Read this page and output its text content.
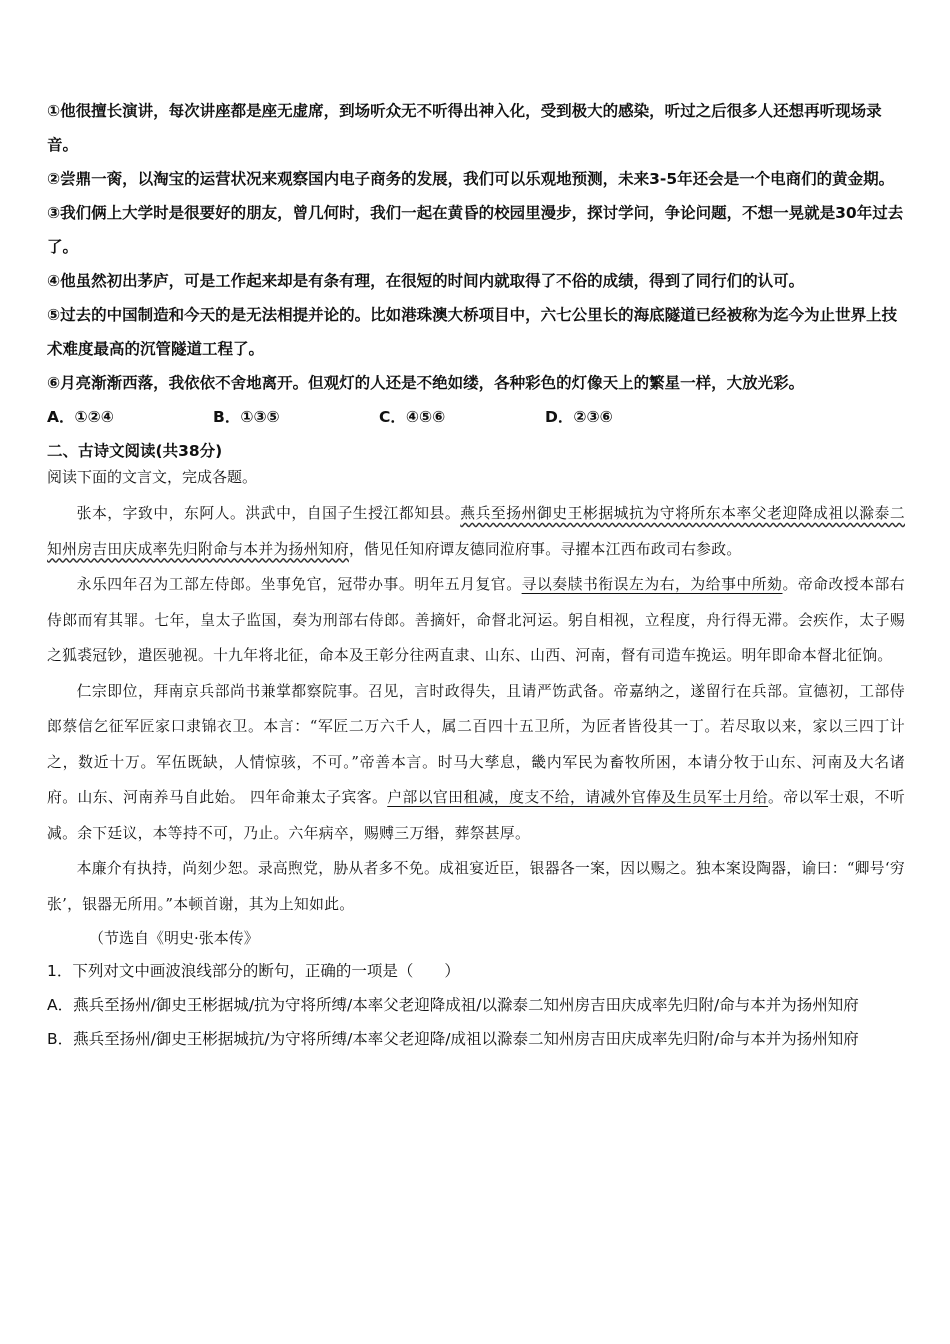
①他很擅长演讲，每次讲座都是座无虚席，到场听众无不听得出神入化，受到极大的感染，听过之后很多人还想再听现场录音。

②尝鼎一脔，以淘宝的运营状况来观察国内电子商务的发展，我们可以乐观地预测，未来3-5年还会是一个电商们的黄金期。

③我们俩上大学时是很要好的朋友，曾几何时，我们一起在黄昏的校园里漫步，探讨学问，争论问题，不想一晃就是30年过去了。

④他虽然初出茅庐，可是工作起来却是有条有理，在很短的时间内就取得了不俗的成绩，得到了同行们的认可。

⑤过去的中国制造和今天的是无法相提并论的。比如港珠澳大桥项目中，六七公里长的海底隧道已经被称为迄今为止世界上技术难度最高的沉管隧道工程了。

⑥月亮渐渐西落，我依依不舍地离开。但观灯的人还是不绝如缕，各种彩色的灯像天上的繁星一样，大放光彩。

A．①②④	B．①③⑤	C．④⑤⑥	D．②③⑥

二、古诗文阅读(共38分)

阅读下面的文言文，完成各题。

张本，字致中，东阿人。洪武中，自国子生授江都知县。燕兵至扬州御史王彬据城抗为守将所东本率父老迎降成祖以滁泰二知州房吉田庆成率先归附命与本并为扬州知府，偕见任知府谭友德同涖府事。寻擢本江西布政司右参政。

永乐四年召为工部左侍郎。坐事免官，冠带办事。明年五月复官。寻以奏牍书衔误左为右，为给事中所劾。帝命改授本部右侍郎而宥其罪。七年，皇太子监国，奏为刑部右侍郎。善摘奸，命督北河运。躬自相视，立程度，舟行得无滞。会疾作，太子赐之狐裘冠钞，遣医驰视。十九年将北征，命本及王彰分往两直隶、山东、山西、河南，督有司造车挽运。明年即命本督北征饷。

仁宗即位，拜南京兵部尚书兼掌都察院事。召见，言时政得失，且请严饬武备。帝嘉纳之，遂留行在兵部。宣德初，工部侍郎蔡信乞征军匠家口隶锦衣卫。本言：“军匠二万六千人，属二百四十五卫所，为匠者皆役其一丁。若尽取以来，家以三四丁计之，数近十万。军伍既缺，人情惊骇，不可。”帝善本言。时马大孳息，畿内军民为畜牧所困，本请分牧于山东、河南及大名诸府。山东、河南养马自此始。 四年命兼太子宾客。户部以官田租减，度支不给，请减外官俸及生员军士月给。帝以军士艰，不听减。余下廷议，本等持不可，乃止。六年病卒，赐赙三万缗，葬祭甚厚。

本廉介有执持，尚刻少恕。录高煦党，胁从者多不免。成祖宴近臣，银器各一案，因以赐之。独本案设陶器，谕曰：“卿号‘穷张’，银器无所用。”本顿首谢，其为上知如此。

（节选自《明史·张本传》

1．下列对文中画波浪线部分的断句，正确的一项是（　　）

A．燕兵至扬州/御史王彬据城/抗为守将所缚/本率父老迎降成祖/以滁泰二知州房吉田庆成率先归附/命与本并为扬州知府

B．燕兵至扬州/御史王彬据城抗/为守将所缚/本率父老迎降/成祖以滁泰二知州房吉田庆成率先归附/命与本并为扬州知府
